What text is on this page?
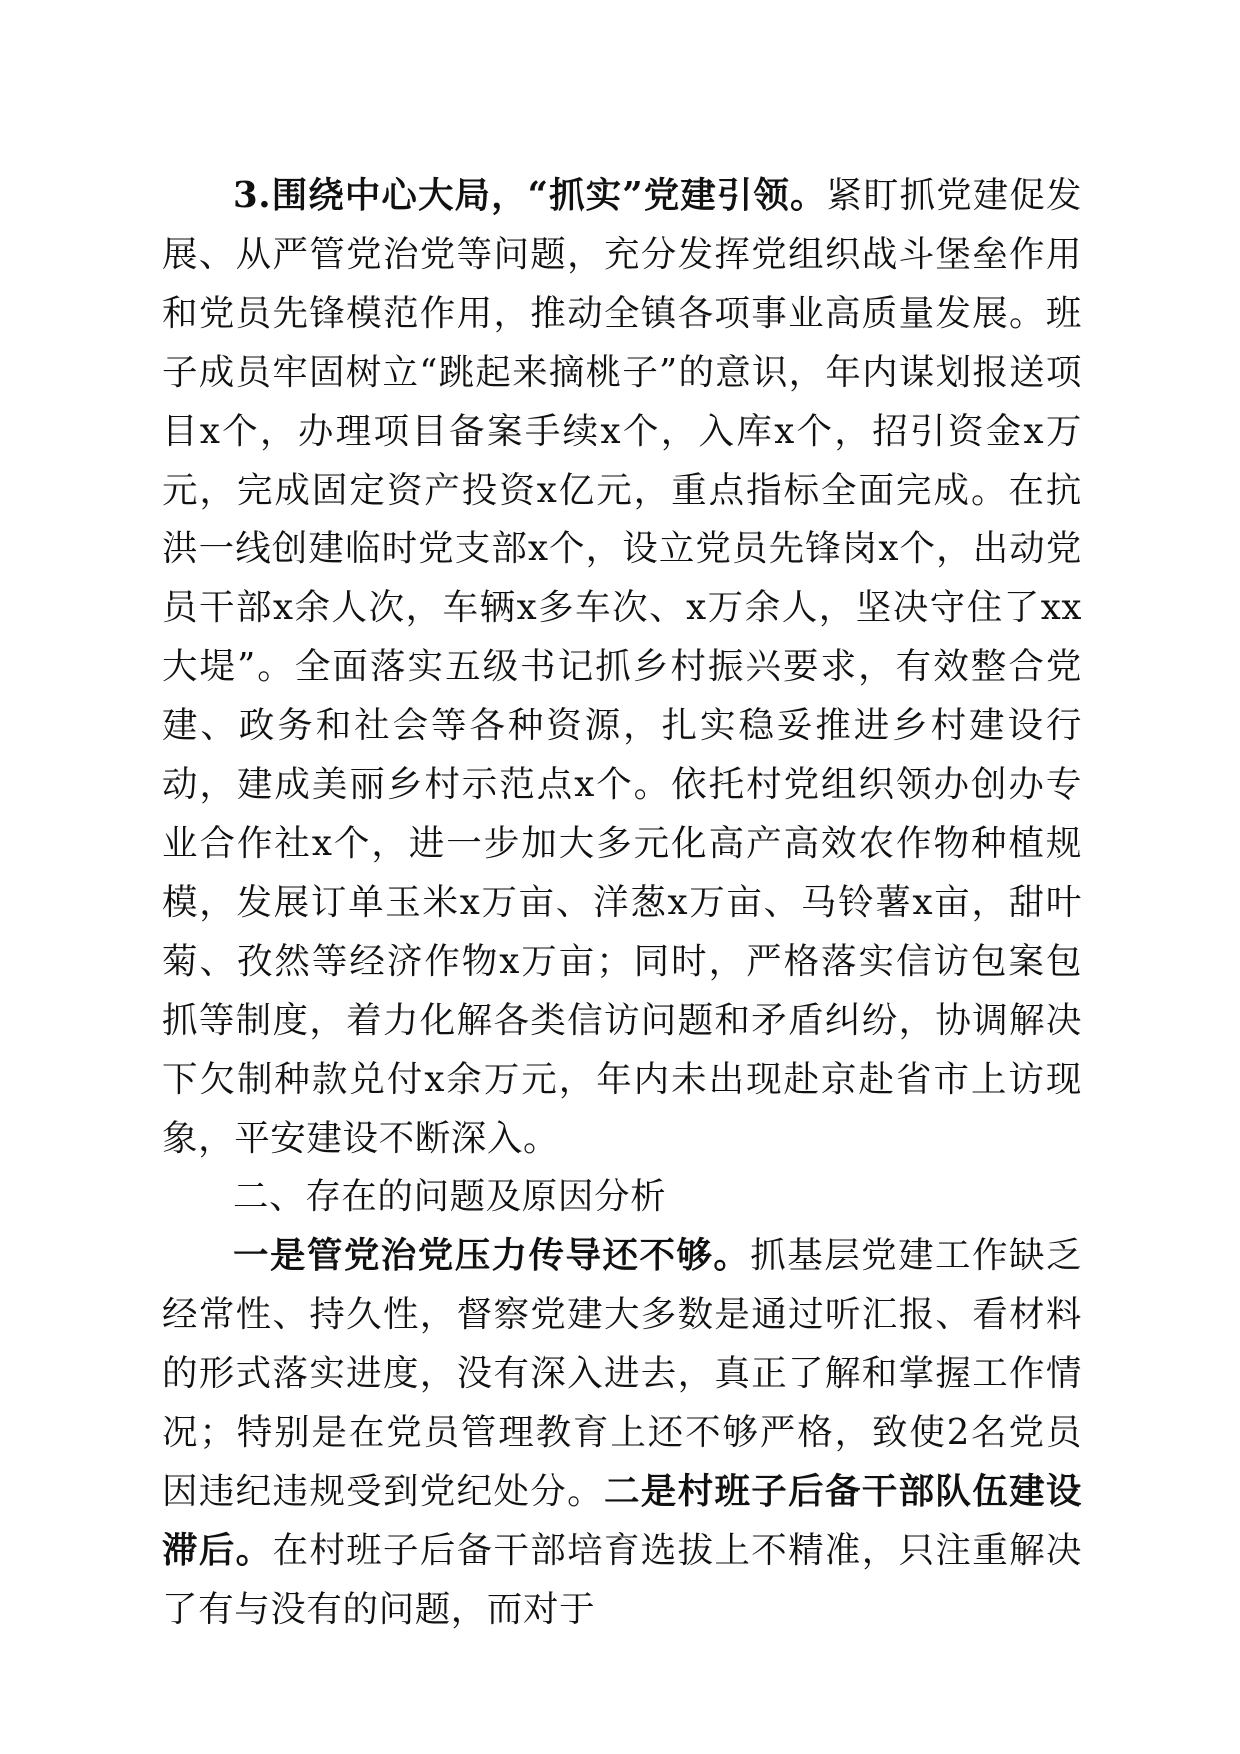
3.围绕中心大局，“抓实”党建引领。紧盯抓党建促发展、从严管党治党等问题，充分发挥党组织战斗堡垒作用和党员先锋模范作用，推动全镇各项事业高质量发展。班子成员牢固树立“跳起来摘桃子”的意识，年内谋划报送项目x个，办理项目备案手续x个，入库x个，招引资金x万元，完成固定资产投资x亿元，重点指标全面完成。在抗洪一线创建临时党支部x个，设立党员先锋岗x个，出动党员干部x余人次，车辆x多车次、x万余人，坚决守住了xx大堤”。全面落实五级书记抓乡村振兴要求，有效整合党建、政务和社会等各种资源，扎实稳妥推进乡村建设行动，建成美丽乡村示范点x个。依托村党组织领办创办专业合作社x个，进一步加大多元化高产高效农作物种植规模，发展订单玉米x万亩、洋葱x万亩、马铃薯x亩，甜叶菊、孜然等经济作物x万亩；同时，严格落实信访包案包抓等制度，着力化解各类信访问题和矛盾纠纷，协调解决下欠制种款兑付x余万元，年内未出现赴京赴省市上访现象，平安建设不断深入。

二、存在的问题及原因分析

一是管党治党压力传导还不够。抓基层党建工作缺乏经常性、持久性，督察党建大多数是通过听汇报、看材料的形式落实进度，没有深入进去，真正了解和掌握工作情况；特别是在党员管理教育上还不够严格，致使2名党员因违纪违规受到党纪处分。二是村班子后备干部队伍建设滞后。在村班子后备干部培育选拔上不精准，只注重解决了有与没有的问题，而对于
